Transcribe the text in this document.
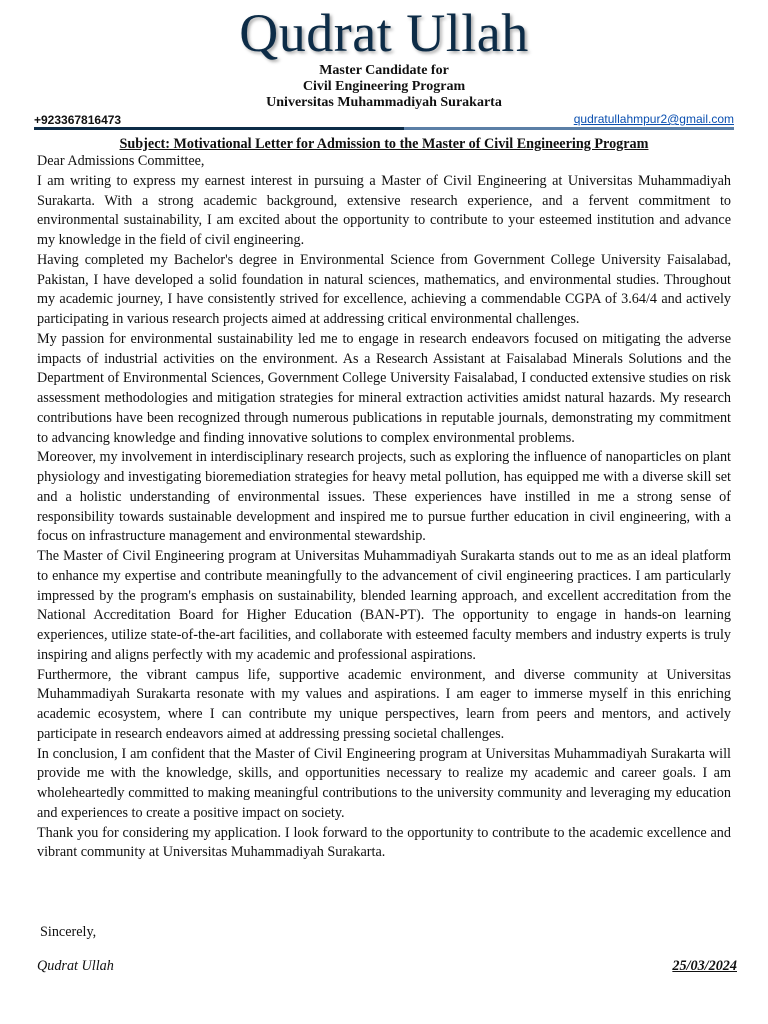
Qudrat Ullah
Master Candidate for
Civil Engineering Program
Universitas Muhammadiyah Surakarta
+923367816473	qudratullahmpur2@gmail.com
Subject: Motivational Letter for Admission to the Master of Civil Engineering Program

Dear Admissions Committee,

I am writing to express my earnest interest in pursuing a Master of Civil Engineering at Universitas Muhammadiyah Surakarta. With a strong academic background, extensive research experience, and a fervent commitment to environmental sustainability, I am excited about the opportunity to contribute to your esteemed institution and advance my knowledge in the field of civil engineering.

Having completed my Bachelor's degree in Environmental Science from Government College University Faisalabad, Pakistan, I have developed a solid foundation in natural sciences, mathematics, and environmental studies. Throughout my academic journey, I have consistently strived for excellence, achieving a commendable CGPA of 3.64/4 and actively participating in various research projects aimed at addressing critical environmental challenges.

My passion for environmental sustainability led me to engage in research endeavors focused on mitigating the adverse impacts of industrial activities on the environment. As a Research Assistant at Faisalabad Minerals Solutions and the Department of Environmental Sciences, Government College University Faisalabad, I conducted extensive studies on risk assessment methodologies and mitigation strategies for mineral extraction activities amidst natural hazards. My research contributions have been recognized through numerous publications in reputable journals, demonstrating my commitment to advancing knowledge and finding innovative solutions to complex environmental problems.

Moreover, my involvement in interdisciplinary research projects, such as exploring the influence of nanoparticles on plant physiology and investigating bioremediation strategies for heavy metal pollution, has equipped me with a diverse skill set and a holistic understanding of environmental issues. These experiences have instilled in me a strong sense of responsibility towards sustainable development and inspired me to pursue further education in civil engineering, with a focus on infrastructure management and environmental stewardship.

The Master of Civil Engineering program at Universitas Muhammadiyah Surakarta stands out to me as an ideal platform to enhance my expertise and contribute meaningfully to the advancement of civil engineering practices. I am particularly impressed by the program's emphasis on sustainability, blended learning approach, and excellent accreditation from the National Accreditation Board for Higher Education (BAN-PT). The opportunity to engage in hands-on learning experiences, utilize state-of-the-art facilities, and collaborate with esteemed faculty members and industry experts is truly inspiring and aligns perfectly with my academic and professional aspirations.

Furthermore, the vibrant campus life, supportive academic environment, and diverse community at Universitas Muhammadiyah Surakarta resonate with my values and aspirations. I am eager to immerse myself in this enriching academic ecosystem, where I can contribute my unique perspectives, learn from peers and mentors, and actively participate in research endeavors aimed at addressing pressing societal challenges.

In conclusion, I am confident that the Master of Civil Engineering program at Universitas Muhammadiyah Surakarta will provide me with the knowledge, skills, and opportunities necessary to realize my academic and career goals. I am wholeheartedly committed to making meaningful contributions to the university community and leveraging my education and experiences to create a positive impact on society.

Thank you for considering my application. I look forward to the opportunity to contribute to the academic excellence and vibrant community at Universitas Muhammadiyah Surakarta.

Sincerely,
Qudrat Ullah	25/03/2024
